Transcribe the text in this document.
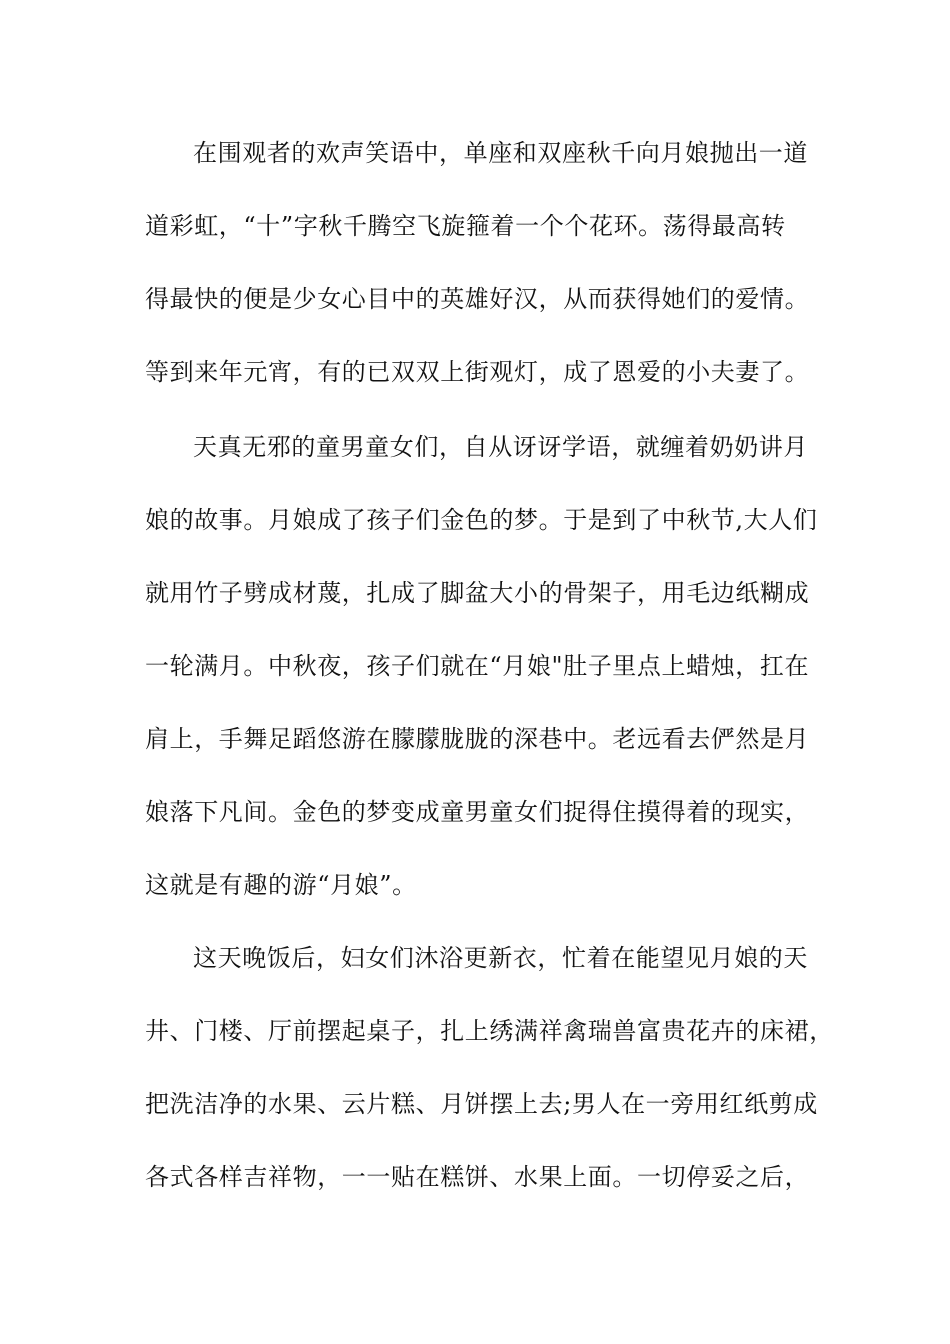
在围观者的欢声笑语中，单座和双座秋千向月娘抛出一道
道彩虹，“十”字秋千腾空飞旋箍着一个个花环。荡得最高转
得最快的便是少女心目中的英雄好汉，从而获得她们的爱情。
等到来年元宵，有的已双双上街观灯，成了恩爱的小夫妻了。
天真无邪的童男童女们，自从讶讶学语，就缠着奶奶讲月
娘的故事。月娘成了孩子们金色的梦。于是到了中秋节,大人们
就用竹子劈成材蔑，扎成了脚盆大小的骨架子，用毛边纸糊成
一轮满月。中秋夜，孩子们就在“月娘"肚子里点上蜡烛，扛在
肩上，手舞足蹈悠游在朦朦胧胧的深巷中。老远看去俨然是月
娘落下凡间。金色的梦变成童男童女们捉得住摸得着的现实，
这就是有趣的游“月娘”。
这天晚饭后，妇女们沐浴更新衣，忙着在能望见月娘的天
井、门楼、厅前摆起桌子，扎上绣满祥禽瑞兽富贵花卉的床裙，
把洗洁净的水果、云片糕、月饼摆上去;男人在一旁用红纸剪成
各式各样吉祥物，一一贴在糕饼、水果上面。一切停妥之后，
